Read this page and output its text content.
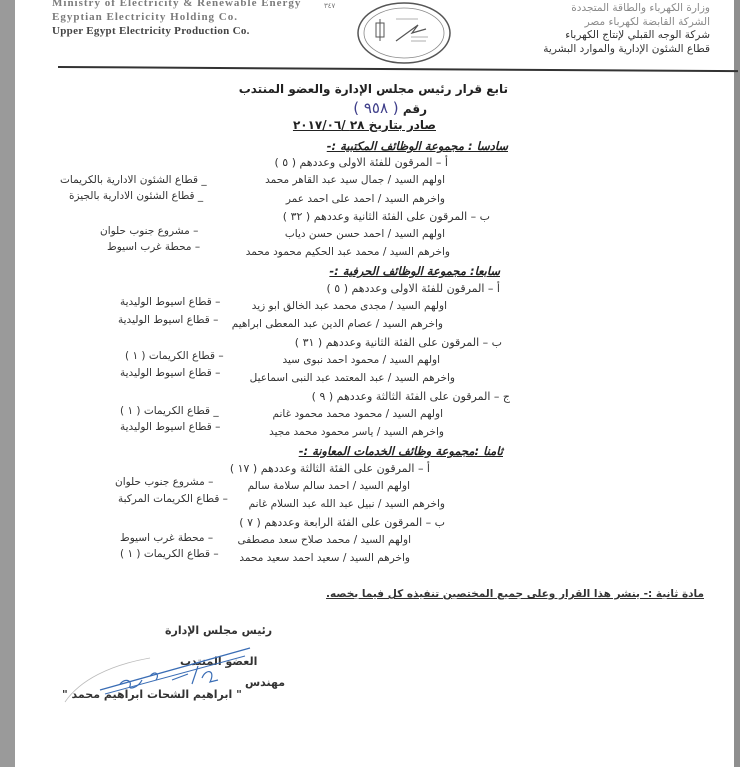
Ministry of Electricity & Renewable Energy
Egyptian Electricity Holding Co.
Upper Egypt Electricity Production Co.
٣٤٧	وزارة الكهرباء والطاقة المتجددة
الشركة القابضة لكهرباء مصر
شركة الوجه القبلي لإنتاج الكهرباء
قطاع الشئون الإدارية والموارد البشرية
تابع قرار رئيس مجلس الإدارة والعضو المنتدب
رقم ( ٩٥٨ )
صادر بتاريخ ٢٨ /٢٠١٧/٠٦
سادسا : مجموعة الوظائف المكتبية :-
أ – المرقون للفئة الاولى وعددهم ( ٥ )
اولهم السيد / جمال سيد عبد القاهر محمد
_ قطاع الشئون الادارية بالكريمات
واخرهم السيد / احمد على احمد عمر
_ قطاع الشئون الادارية بالجيزة
ب – المرقون على الفئة الثانية وعددهم ( ٣٢ )
اولهم السيد / احمد حسن حسن دياب
– مشروع جنوب حلوان
واخرهم السيد / محمد عبد الحكيم محمود محمد
– محطة غرب اسيوط
سابعا: مجموعة الوظائف الحرفية :-
أ – المرقون للفئة الاولى وعددهم ( ٥ )
اولهم السيد / مجدى محمد عبد الخالق ابو زيد
– قطاع اسيوط الوليدية
واخرهم السيد / عصام الدين عبد المعطى ابراهيم
– قطاع اسيوط الوليدية
ب – المرقون على الفئة الثانية وعددهم ( ٣١ )
اولهم السيد / محمود احمد نبوى سيد
– قطاع الكريمات ( ١ )
واخرهم السيد / عبد المعتمد عبد النبى اسماعيل
– قطاع اسيوط الوليدية
ج – المرقون على الفئة الثالثة وعددهم ( ٩ )
اولهم السيد / محمود محمد محمود غانم
_ قطاع الكريمات ( ١ )
واخرهم السيد / ياسر محمود محمد مجيد
– قطاع اسيوط الوليدية
ثامنا :مجموعة وظائف الخدمات المعاونة :-
أ – المرقون على الفئة الثالثة وعددهم ( ١٧ )
اولهم السيد / احمد سالم سلامة سالم
– مشروع جنوب حلوان
واخرهم السيد / نبيل عبد الله عبد السلام غانم
– قطاع الكريمات المركبة
ب – المرقون على الفئة الرابعة وعددهم ( ٧ )
اولهم السيد / محمد صلاح سعد مصطفى
– محطة غرب اسيوط
واخرهم السيد / سعيد احمد سعيد محمد
– قطاع الكريمات ( ١ )
مادة ثانية :- ينشر هذا القرار وعلى جميع المختصين تنفيذه كل فيما يخصه.
رئيس مجلس الإدارة
العضو المنتدب
مهندس
" ابراهيم الشحات ابراهيم محمد "
